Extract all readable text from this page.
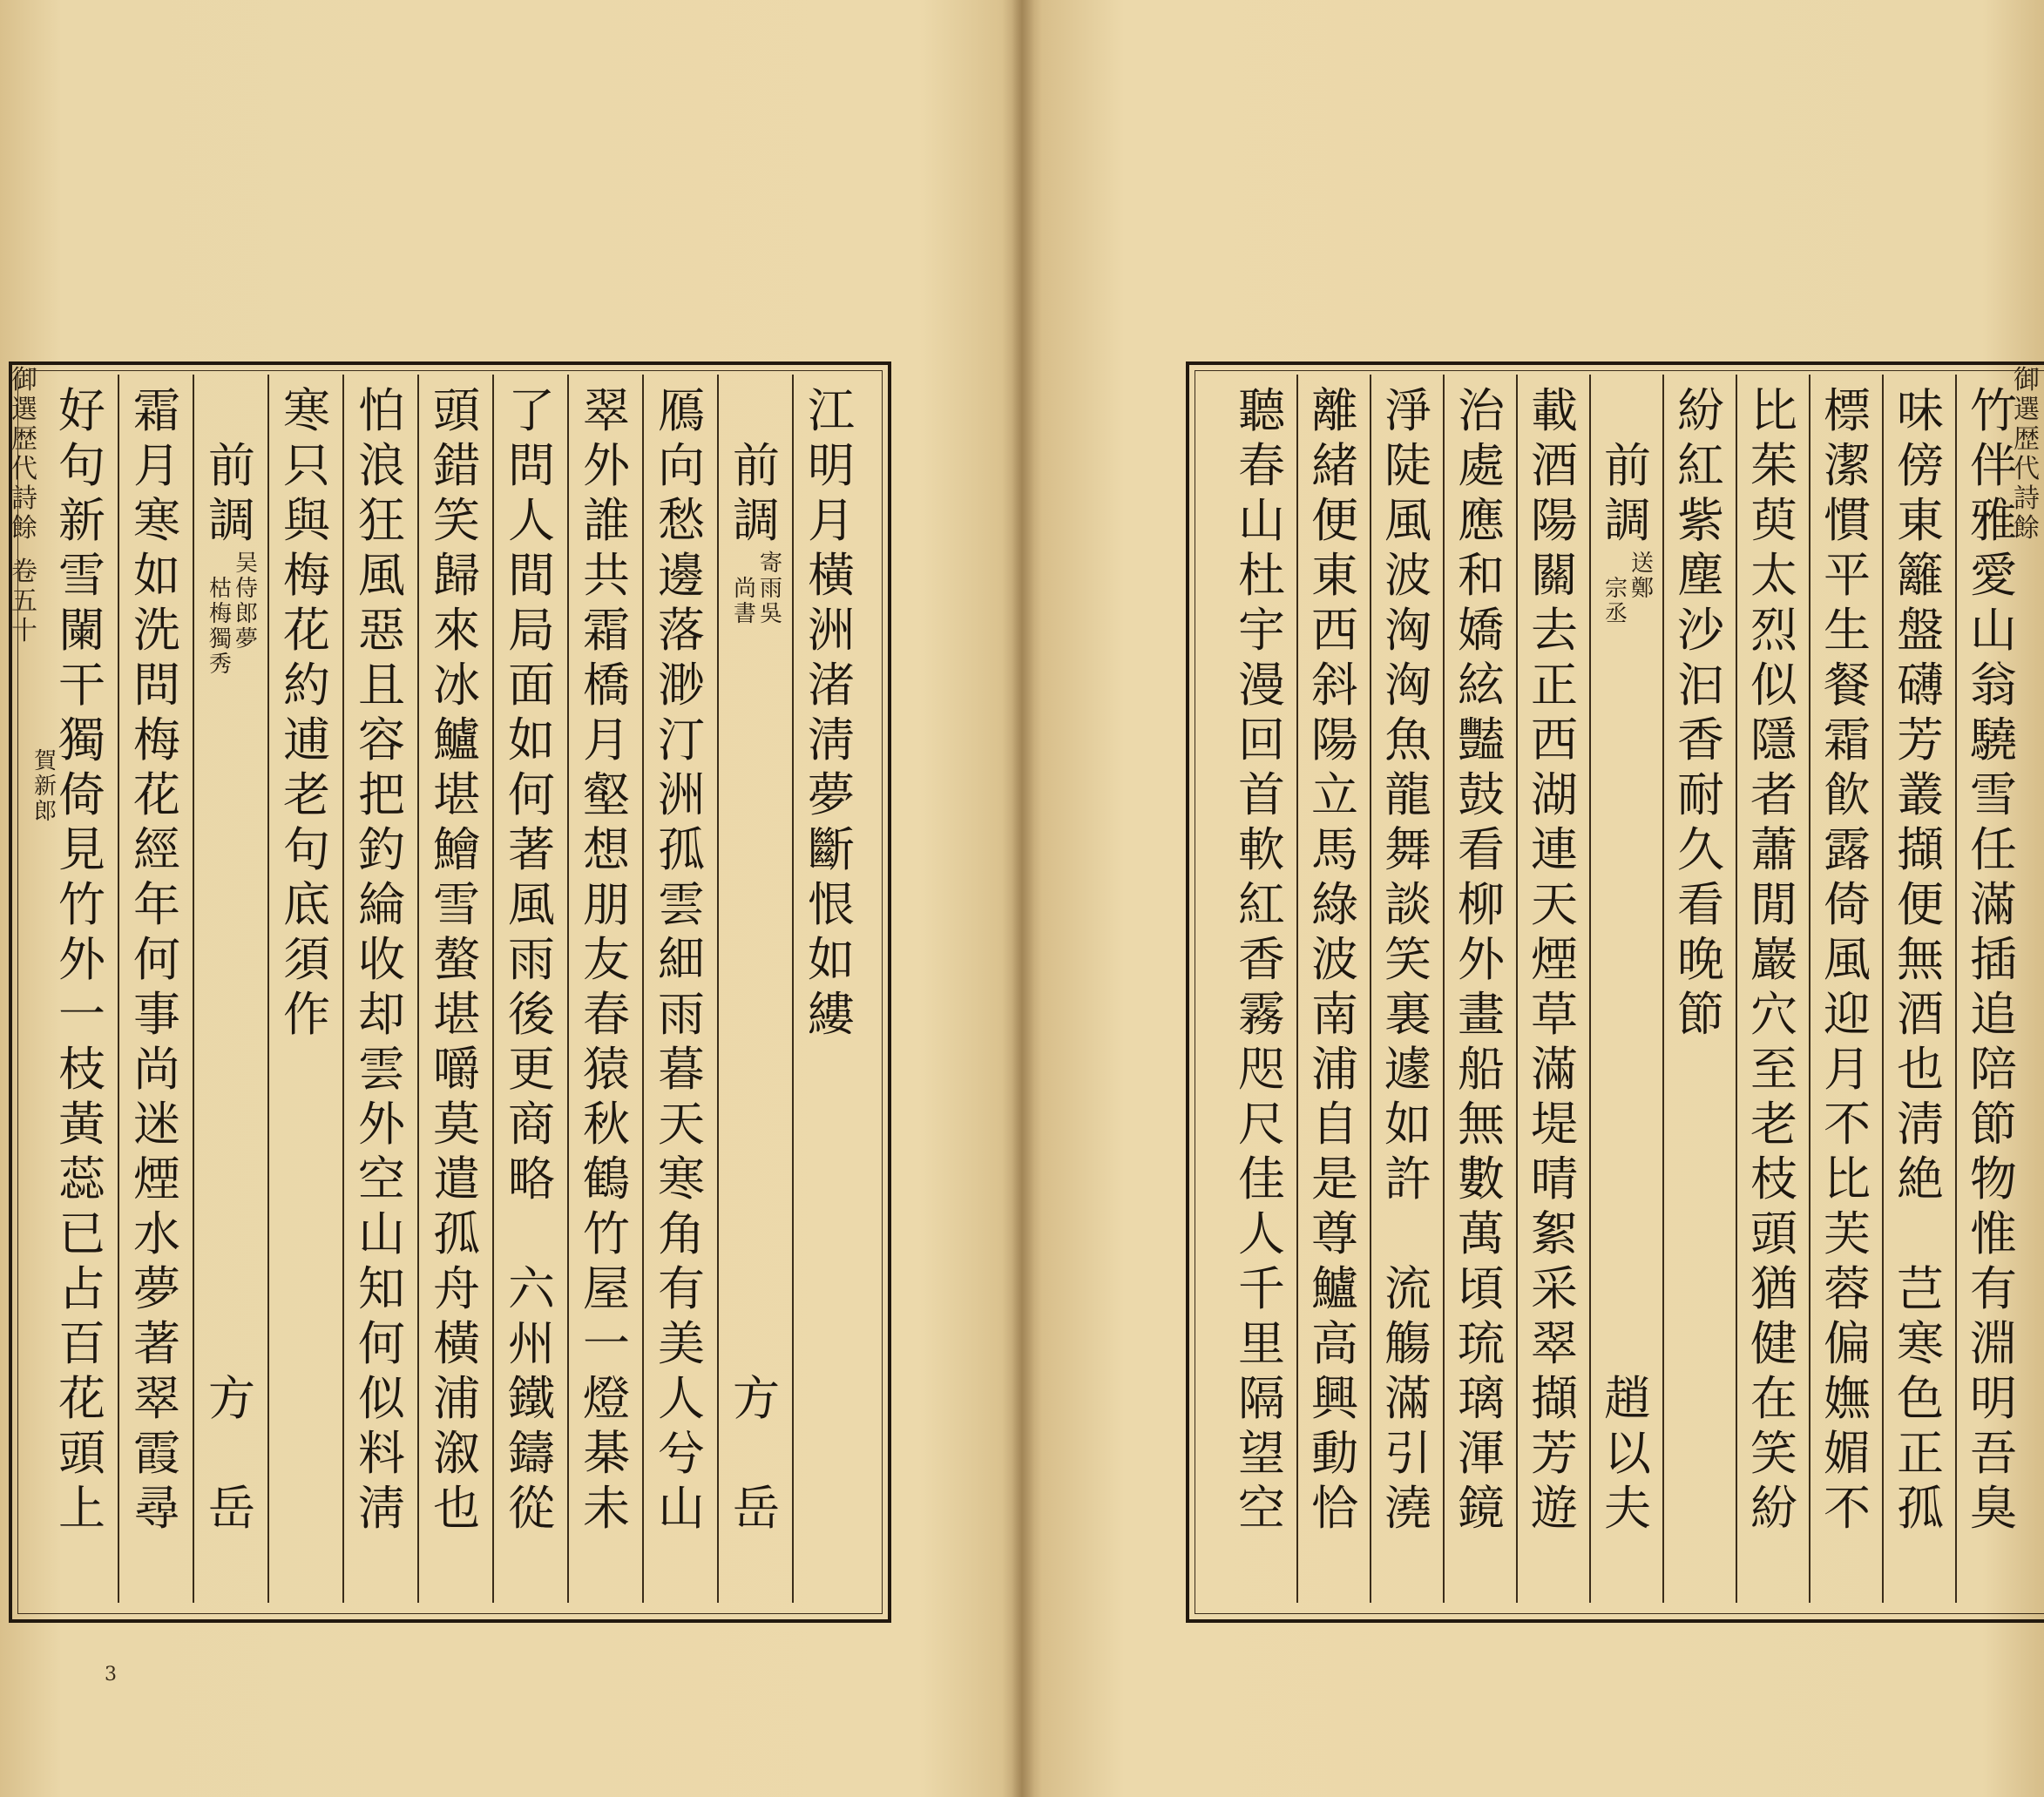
御選歴代詩餘
卷五十
賀新郎
3
江
明
月
橫
洲
渚
淸
夢
斷
恨
如
縷
前
調
寄
雨
吳
尚
書
方

岳
鴈
向
愁
邊
落
渺
汀
洲
孤
雲
細
雨
暮
天
寒
角
有
美
人
兮
山
翠
外
誰
共
霜
橋
月
壑
想
朋
友
春
猿
秋
鶴
竹
屋
一
燈
棊
未
了
問
人
間
局
面
如
何
著
風
雨
後
更
商
略

六
州
鐵
鑄
從
頭
錯
笑
歸
來
冰
鱸
堪
鱠
雪
螯
堪
嚼
莫
遣
孤
舟
橫
浦
溆
也
怕
浪
狂
風
惡
且
容
把
釣
綸
收
却
雲
外
空
山
知
何
似
料
淸
寒
只
與
梅
花
約
逋
老
句
底
須
作
前
調
吴
侍
郎
夢
枯
梅
獨
秀
方

岳
霜
月
寒
如
洗
問
梅
花
經
年
何
事
尚
迷
煙
水
夢
著
翠
霞
尋
好
句
新
雪
闌
干
獨
倚
見
竹
外
一
枝
黃
蕊
已
占
百
花
頭
上
御選歴代詩餘
竹
伴
雅
愛
山
翁
驍
雪
任
滿
插
追
陪
節
物
惟
有
淵
明
吾
臭
味
傍
東
籬
盤
礴
芳
叢
擷
便
無
酒
也
淸
絶

芑
寒
色
正
孤
標
潔
慣
平
生
餐
霜
飮
露
倚
風
迎
月
不
比
芙
蓉
偏
嫵
媚
不
比
茱
萸
太
烈
似
隱
者
蕭
閒
巖
穴
至
老
枝
頭
猶
健
在
笑
紛
紛
紅
紫
塵
沙
汩
香
耐
久
看
晚
節
前
調
送
鄭
宗
丞
趙
以
夫
載
酒
陽
關
去
正
西
湖
連
天
煙
草
滿
堤
晴
絮
采
翠
擷
芳
遊
治
處
應
和
嬌
絃
豔
鼓
看
柳
外
畫
船
無
數
萬
頃
琉
璃
渾
鏡
淨
陡
風
波
洶
洶
魚
龍
舞
談
笑
裏
遽
如
許

流
觴
滿
引
澆
離
緒
便
東
西
斜
陽
立
馬
綠
波
南
浦
自
是
尊
鱸
高
興
動
恰
聽
春
山
杜
宇
漫
回
首
軟
紅
香
霧
咫
尺
佳
人
千
里
隔
望
空
